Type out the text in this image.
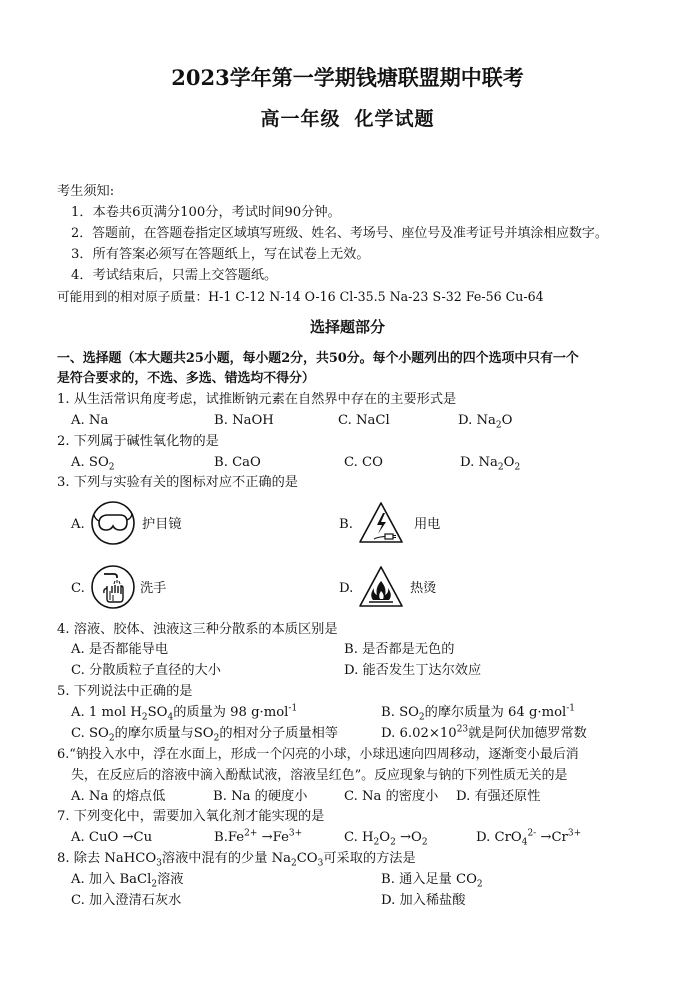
2023学年第一学期钱塘联盟期中联考
高一年级 化学试题
考生须知:
1．本卷共6页满分100分，考试时间90分钟。
2．答题前，在答题卷指定区域填写班级、姓名、考场号、座位号及准考证号并填涂相应数字。
3．所有答案必须写在答题纸上，写在试卷上无效。
4．考试结束后，只需上交答题纸。
可能用到的相对原子质量：H-1 C-12 N-14 O-16 Cl-35.5 Na-23 S-32 Fe-56 Cu-64
选择题部分
一、选择题（本大题共25小题，每小题2分，共50分。每个小题列出的四个选项中只有一个
是符合要求的，不选、多选、错选均不得分）
1. 从生活常识角度考虑，试推断钠元素在自然界中存在的主要形式是
A. Na	B. NaOH	C. NaCl	D. $Na_2O$
2. 下列属于碱性氧化物的是
A. $SO_2$	B. CaO	C. CO	D. $Na_2O_2$
3. 下列与实验有关的图标对应不正确的是
A.	护目镜	B.	用电
C.	洗手	D.	热烫
4. 溶液、胶体、浊液这三种分散系的本质区别是
A. 是否都能导电	B. 是否都是无色的
C. 分散质粒子直径的大小	D. 能否发生丁达尔效应
5. 下列说法中正确的是
A. 1 mol $H_2SO_4$的质量为 98 g·mol$^{-1}$	B. $SO_2$的摩尔质量为 64 g·mol$^{-1}$
C. $SO_2$的摩尔质量与$SO_2$的相对分子质量相等	D. $6.02\times 10^{23}$就是阿伏加德罗常数
6.“钠投入水中，浮在水面上，形成一个闪亮的小球，小球迅速向四周移动，逐渐变小最后消
失，在反应后的溶液中滴入酚酞试液，溶液呈红色”。反应现象与钠的下列性质无关的是
A. Na 的熔点低	B. Na 的硬度小	C. Na 的密度小 D. 有强还原性
7. 下列变化中，需要加入氧化剂才能实现的是
A. CuO →Cu	$B.Fe^{2+} \to Fe^{3+}$	C. $H_2O_2 \to O_2$	D. $CrO_4^{2-} \to Cr^{3+}$
8. 除去 NaHCO$_3$溶液中混有的少量 $Na_2CO_3$可采取的方法是
A. 加入 BaCl$_2$溶液	B. 通入足量 $CO_2$
C. 加入澄清石灰水	D. 加入稀盐酸
